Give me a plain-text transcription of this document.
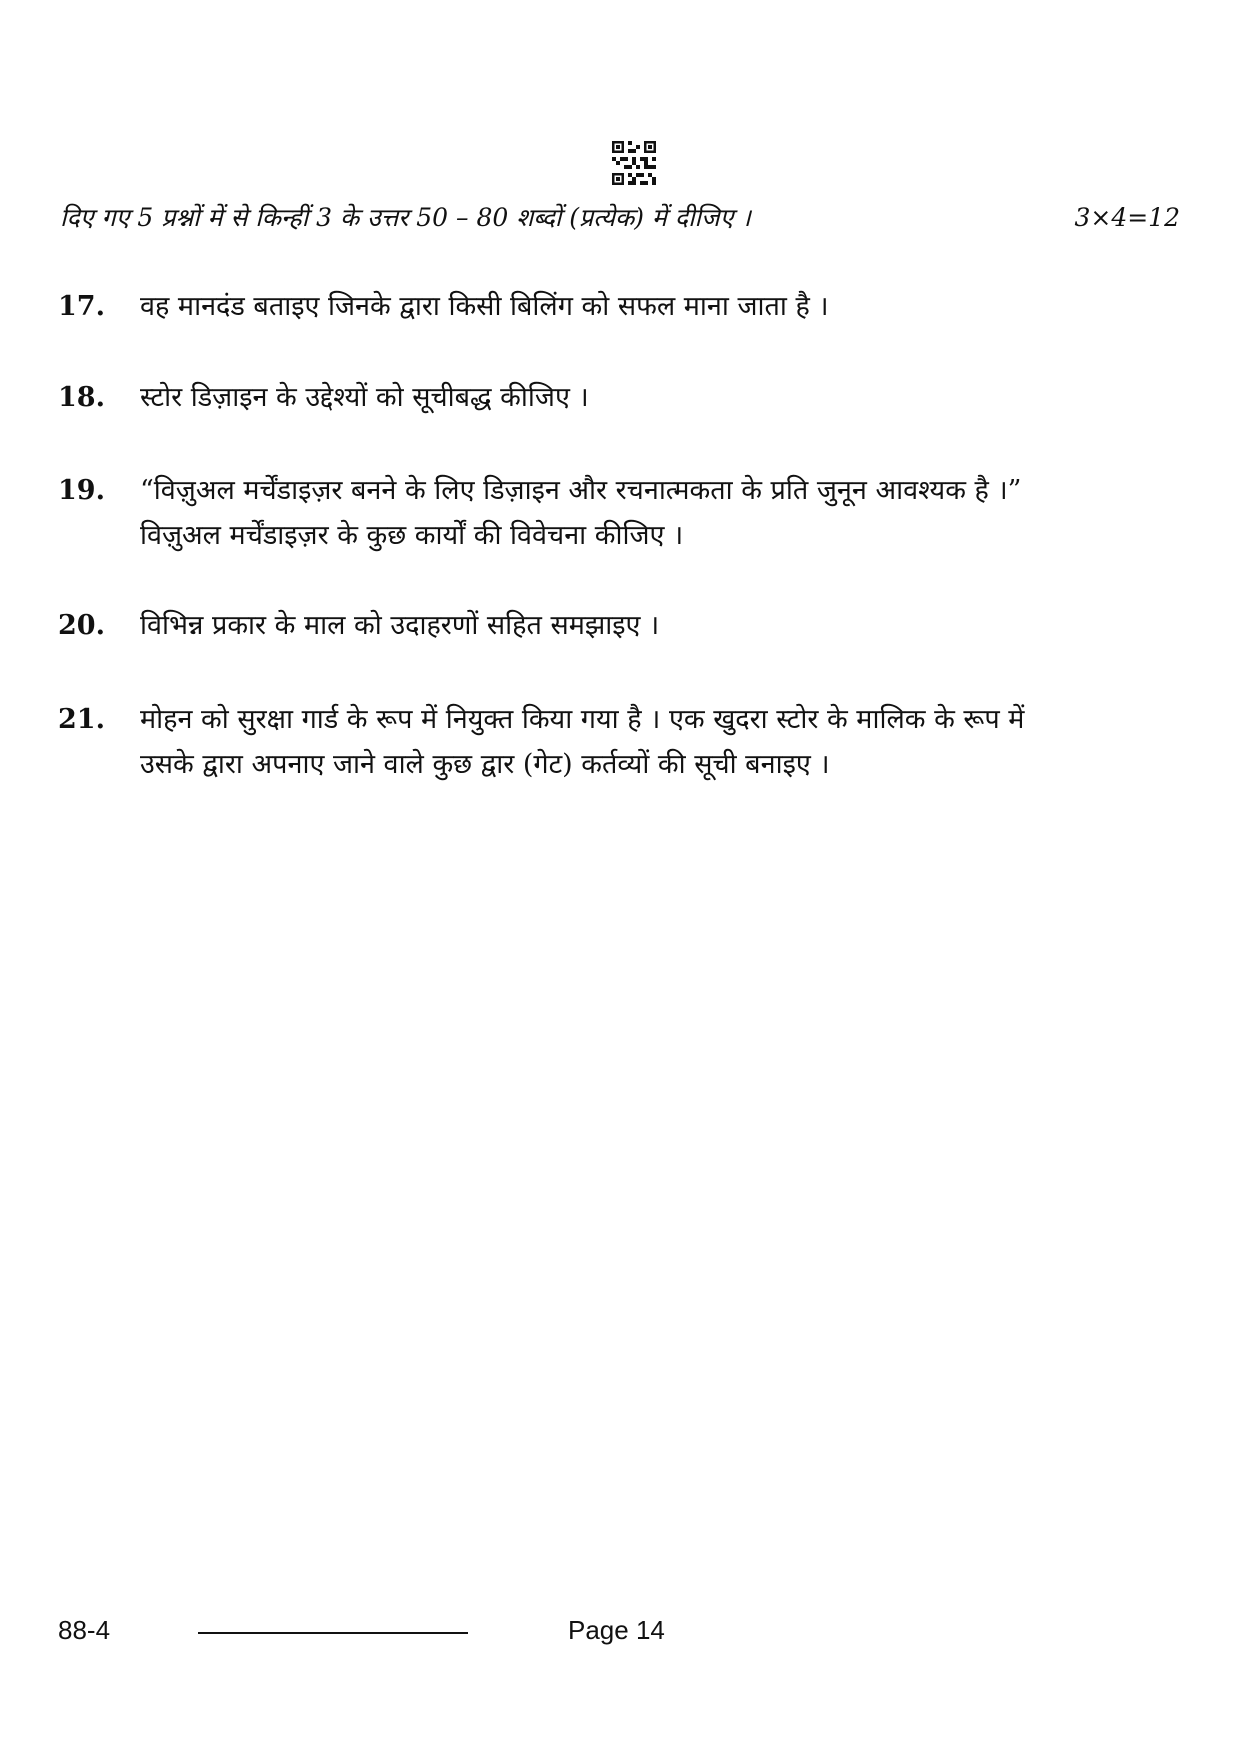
दिए गए 5 प्रश्नों में से किन्हीं 3 के उत्तर 50 – 80 शब्दों (प्रत्येक) में दीजिए ।	3×4=12
17. वह मानदंड बताइए जिनके द्वारा किसी बिलिंग को सफल माना जाता है ।
18. स्टोर डिज़ाइन के उद्देश्यों को सूचीबद्ध कीजिए ।
19. “विज़ुअल मर्चेंडाइज़र बनने के लिए डिज़ाइन और रचनात्मकता के प्रति जुनून आवश्यक है ।”
विज़ुअल मर्चेंडाइज़र के कुछ कार्यों की विवेचना कीजिए ।
20. विभिन्न प्रकार के माल को उदाहरणों सहित समझाइए ।
21. मोहन को सुरक्षा गार्ड के रूप में नियुक्त किया गया है । एक खुदरा स्टोर के मालिक के रूप में
उसके द्वारा अपनाए जाने वाले कुछ द्वार (गेट) कर्तव्यों की सूची बनाइए ।
88-4	Page 14
